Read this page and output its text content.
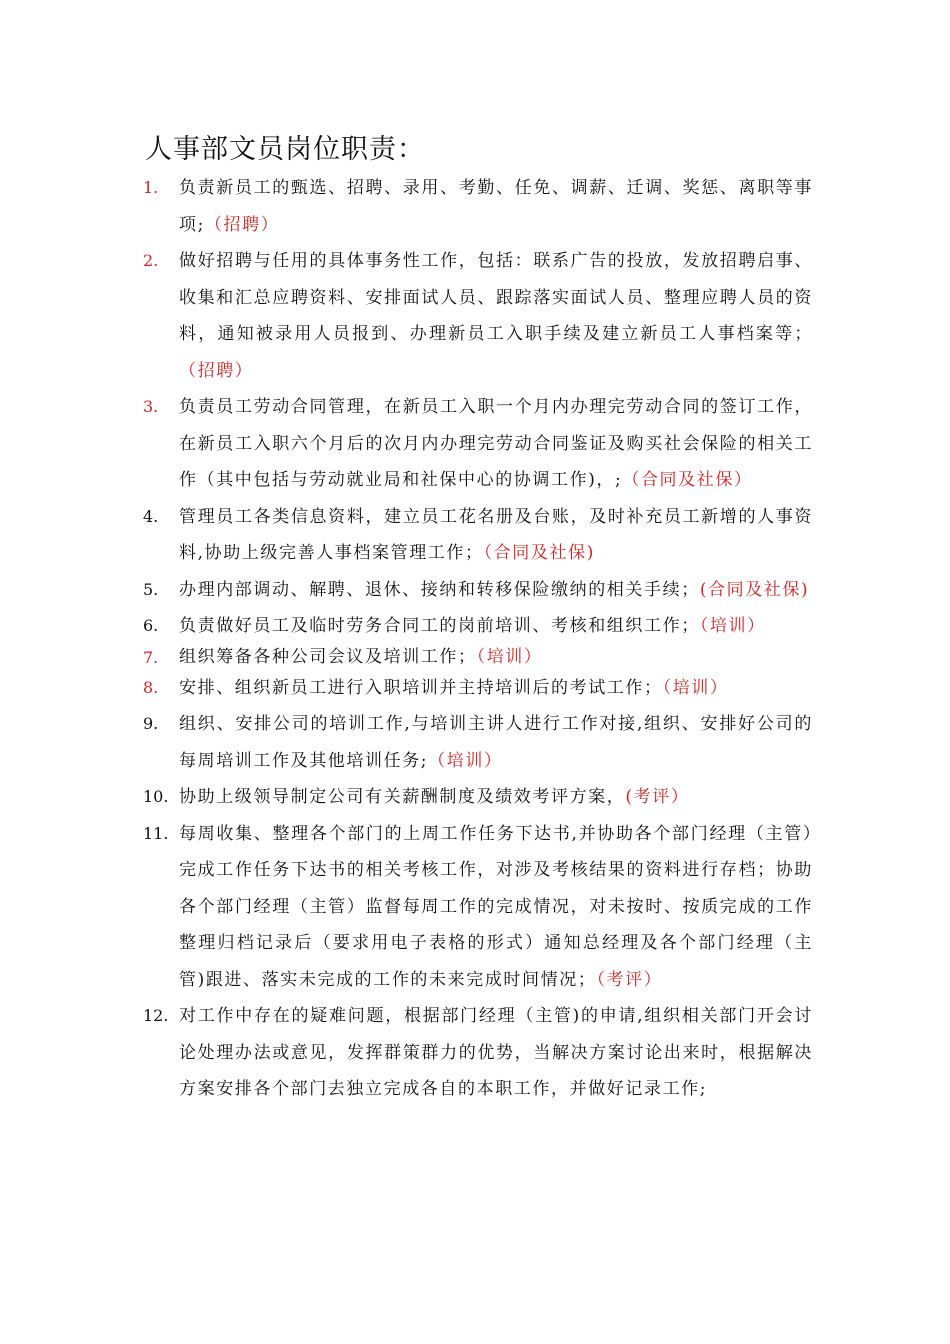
人事部文员岗位职责：
1.	负责新员工的甄选、招聘、录用、考勤、任免、调薪、迁调、奖惩、离职等事项;（招聘）
2.	做好招聘与任用的具体事务性工作，包括：联系广告的投放，发放招聘启事、收集和汇总应聘资料、安排面试人员、跟踪落实面试人员、整理应聘人员的资料，通知被录用人员报到、办理新员工入职手续及建立新员工人事档案等；（招聘）
3.	负责员工劳动合同管理，在新员工入职一个月内办理完劳动合同的签订工作，在新员工入职六个月后的次月内办理完劳动合同鉴证及购买社会保险的相关工作（其中包括与劳动就业局和社保中心的协调工作)，;（合同及社保）
4.	管理员工各类信息资料，建立员工花名册及台账，及时补充员工新增的人事资料,协助上级完善人事档案管理工作；（合同及社保)
5.	办理内部调动、解聘、退休、接纳和转移保险缴纳的相关手续；(合同及社保)
6.	负责做好员工及临时劳务合同工的岗前培训、考核和组织工作；（培训）
7.	组织筹备各种公司会议及培训工作；（培训）
8.	安排、组织新员工进行入职培训并主持培训后的考试工作；（培训）
9.	组织、安排公司的培训工作,与培训主讲人进行工作对接,组织、安排好公司的每周培训工作及其他培训任务;（培训）
10. 协助上级领导制定公司有关薪酬制度及绩效考评方案，(考评）
11. 每周收集、整理各个部门的上周工作任务下达书,并协助各个部门经理（主管）完成工作任务下达书的相关考核工作，对涉及考核结果的资料进行存档；协助各个部门经理（主管）监督每周工作的完成情况，对未按时、按质完成的工作整理归档记录后（要求用电子表格的形式）通知总经理及各个部门经理（主管)跟进、落实未完成的工作的未来完成时间情况；（考评）
12. 对工作中存在的疑难问题，根据部门经理（主管)的申请,组织相关部门开会讨论处理办法或意见，发挥群策群力的优势，当解决方案讨论出来时，根据解决方案安排各个部门去独立完成各自的本职工作，并做好记录工作;
